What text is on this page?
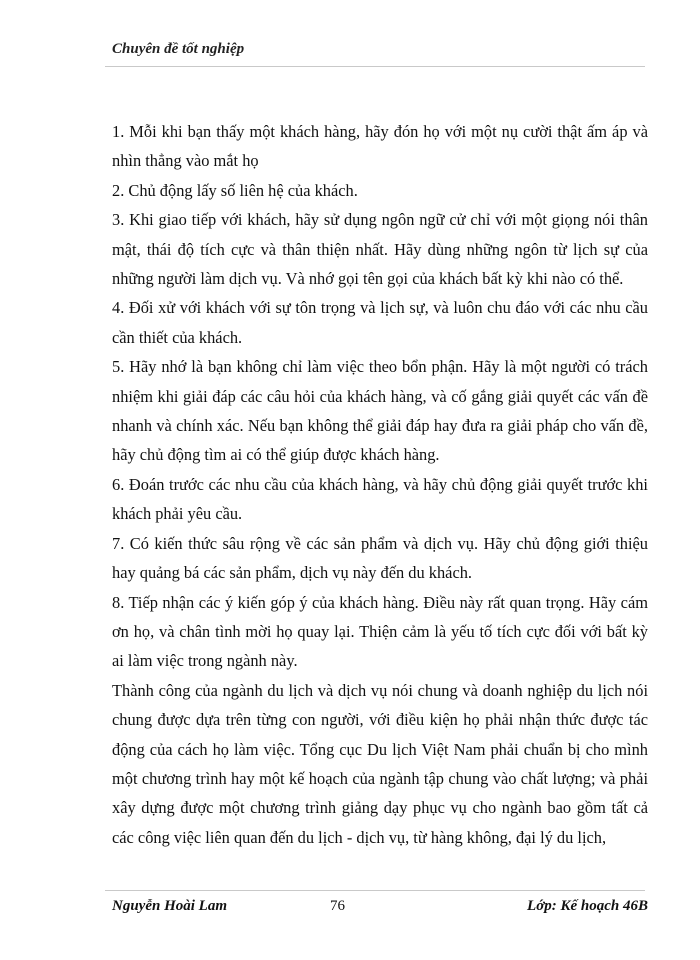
Chuyên đề tốt nghiệp

1. Mỗi khi bạn thấy một khách hàng, hãy đón họ với một nụ cười thật ấm áp và nhìn thẳng vào mắt họ

2. Chủ động lấy số liên hệ của khách.

3. Khi giao tiếp với khách, hãy sử dụng ngôn ngữ cử chỉ với một giọng nói thân mật, thái độ tích cực và thân thiện nhất. Hãy dùng những ngôn từ lịch sự của những người làm dịch vụ. Và nhớ gọi tên gọi của khách bất kỳ khi nào có thể.

4. Đối xử với khách với sự tôn trọng và lịch sự, và luôn chu đáo với các nhu cầu cần thiết của khách.

5. Hãy nhớ là bạn không chỉ làm việc theo bổn phận. Hãy là một người có trách nhiệm khi giải đáp các câu hỏi của khách hàng, và cố gắng giải quyết các vấn đề nhanh và chính xác. Nếu bạn không thể giải đáp hay đưa ra giải pháp cho vấn đề, hãy chủ động tìm ai có thể giúp được khách hàng.

6. Đoán trước các nhu cầu của khách hàng, và hãy chủ động giải quyết trước khi khách phải yêu cầu.

7. Có kiến thức sâu rộng về các sản phẩm và dịch vụ. Hãy chủ động giới thiệu hay quảng bá các sản phẩm, dịch vụ này đến du khách.

8. Tiếp nhận các ý kiến góp ý của khách hàng. Điều này rất quan trọng. Hãy cám ơn họ, và chân tình mời họ quay lại. Thiện cảm là yếu tố tích cực đối với bất kỳ ai làm việc trong ngành này.

Thành công của ngành du lịch và dịch vụ nói chung và doanh nghiệp du lịch nói chung được dựa trên từng con người, với điều kiện họ phải nhận thức được tác động của cách họ làm việc. Tổng cục Du lịch Việt Nam phải chuẩn bị cho mình một chương trình hay một kế hoạch của ngành tập chung vào chất lượng; và phải xây dựng được một chương trình giảng dạy phục vụ cho ngành bao gồm tất cả các công việc liên quan đến du lịch - dịch vụ, từ hàng không, đại lý du lịch,

Nguyễn Hoài Lam	76	Lớp: Kế hoạch 46B
